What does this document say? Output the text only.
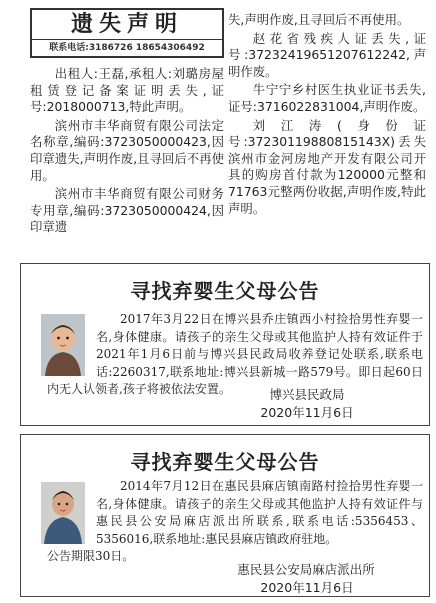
遗失声明
联系电话:3186726 18654306492

出租人:王磊,承租人:刘璐房屋租赁登记备案证明丢失,证号:2018000713,特此声明。

滨州市丰华商贸有限公司法定名称章,编码:3723050000423,因印章遗失,声明作废,且寻回后不再使用。

滨州市丰华商贸有限公司财务专用章,编码:3723050000424,因印章遗

失,声明作废,且寻回后不再使用。

赵花省残疾人证丢失,证号:37232419651207612242,声明作废。

牛宁宁乡村医生执业证书丢失,证号:371602283100​4,声明作废。

刘江涛(身份证号:37230119880815143X)丢失滨州市金河房地产开发有限公司开具的购房首付款为120000元整和71763元整两份收据,声明作废,特此声明。

寻找弃婴生父母公告

2017年3月22日在博兴县乔庄镇西小村捡拾男性弃婴一名,身体健康。请孩子的亲生父母或其他监护人持有效证件于2021年1月6日前与博兴县民政局收养登记处联系,联系电话:2260317,联系地址:博兴县新城一路579号。即日起60日内无人认领者,孩子将被依法安置。	博兴县民政局
2020年11月6日
寻找弃婴生父母公告

2014年7月12日在惠民县麻店镇南路村捡拾男性弃婴一名,身体健康。请孩子的亲生父母或其他监护人持有效证件与惠民县公安局麻店派出所联系,联系电话:5356453、5356016,联系地址:惠民县麻店镇政府驻地。

公告期限30日。

惠民县公安局麻店派出所
2020年11月6日
